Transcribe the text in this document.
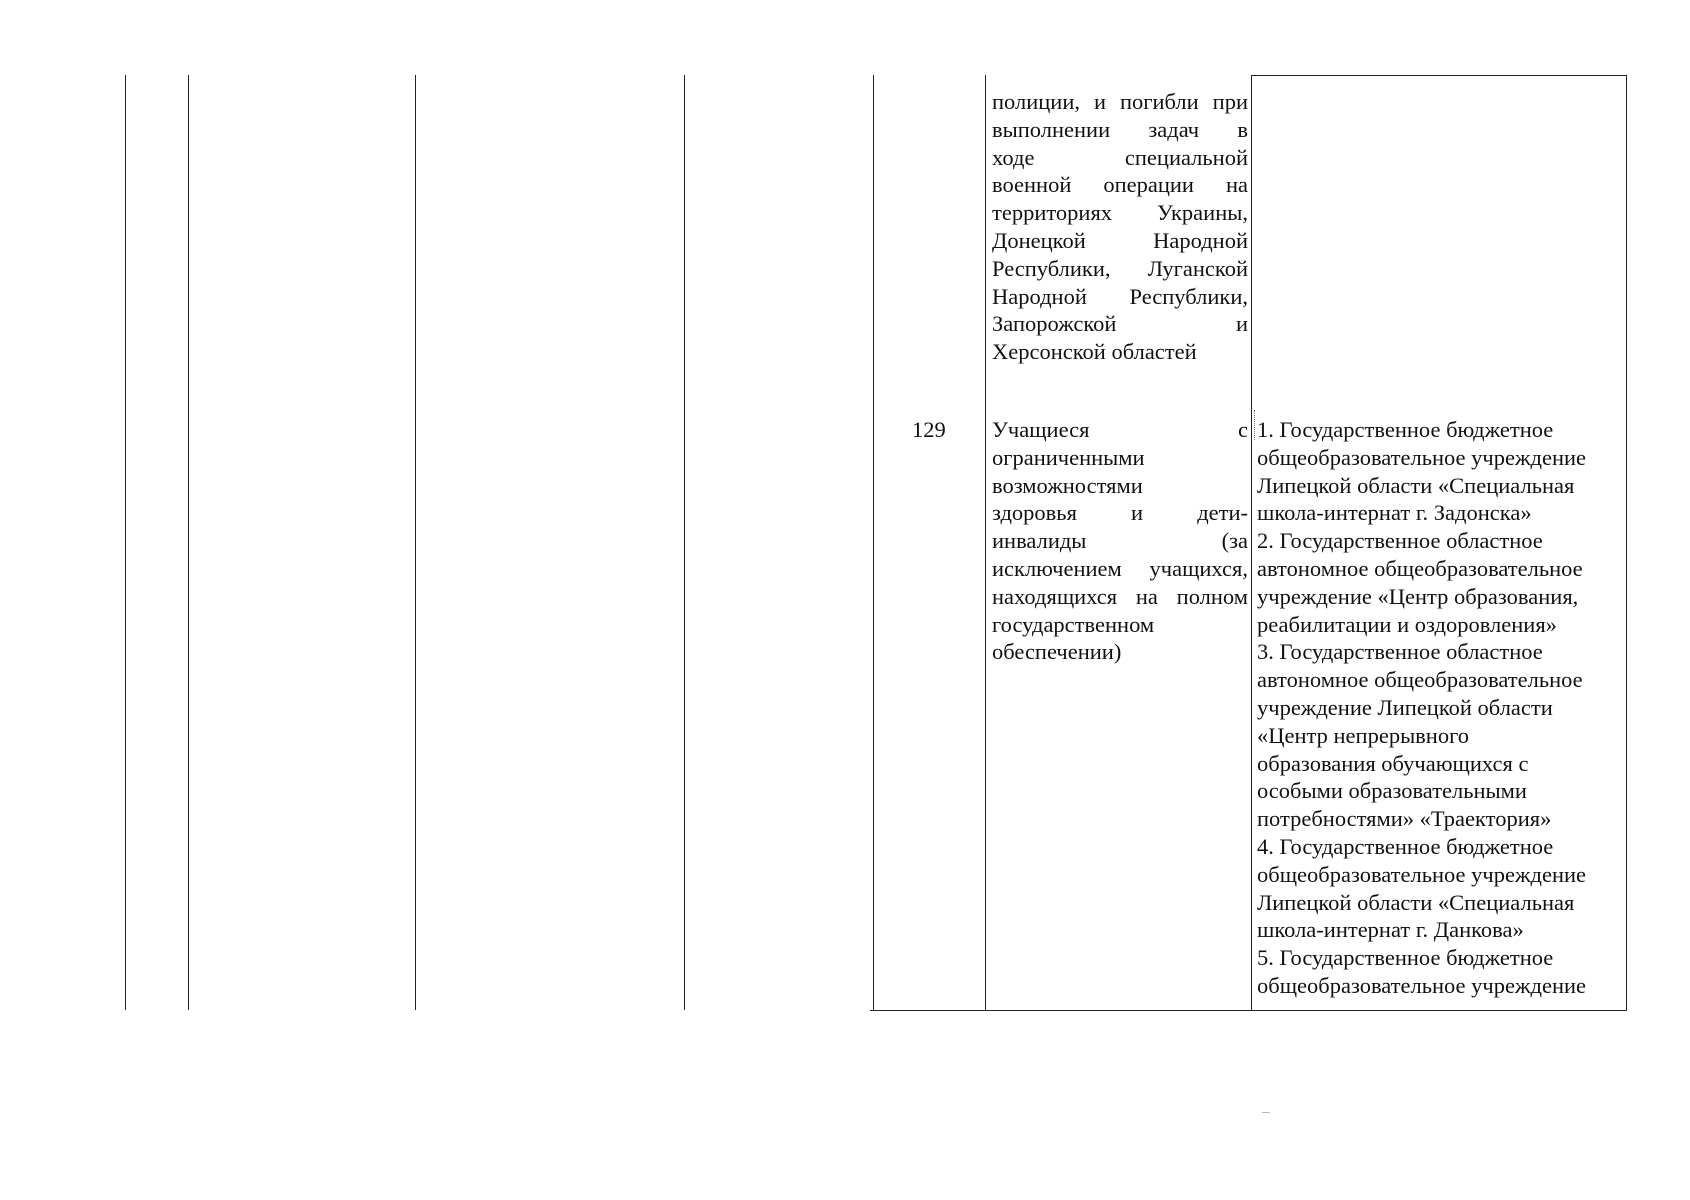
полиции, и погибли при
выполнении задач в
ходе специальной
военной операции на
территориях Украины,
Донецкой Народной
Республики, Луганской
Народной Республики,
Запорожской и
Херсонской областей
129 Учащиеся с
ограниченными
возможностями
здоровья и дети-
инвалиды (за
исключением учащихся,
находящихся на полном
государственном
обеспечении)
1. Государственное бюджетное
общеобразовательное учреждение
Липецкой области «Специальная
школа-интернат г. Задонска»
2. Государственное областное
автономное общеобразовательное
учреждение «Центр образования,
реабилитации и оздоровления»
3. Государственное областное
автономное общеобразовательное
учреждение Липецкой области
«Центр непрерывного
образования обучающихся с
особыми образовательными
потребностями» «Траектория»
4. Государственное бюджетное
общеобразовательное учреждение
Липецкой области «Специальная
школа-интернат г. Данкова»
5. Государственное бюджетное
общеобразовательное учреждение
